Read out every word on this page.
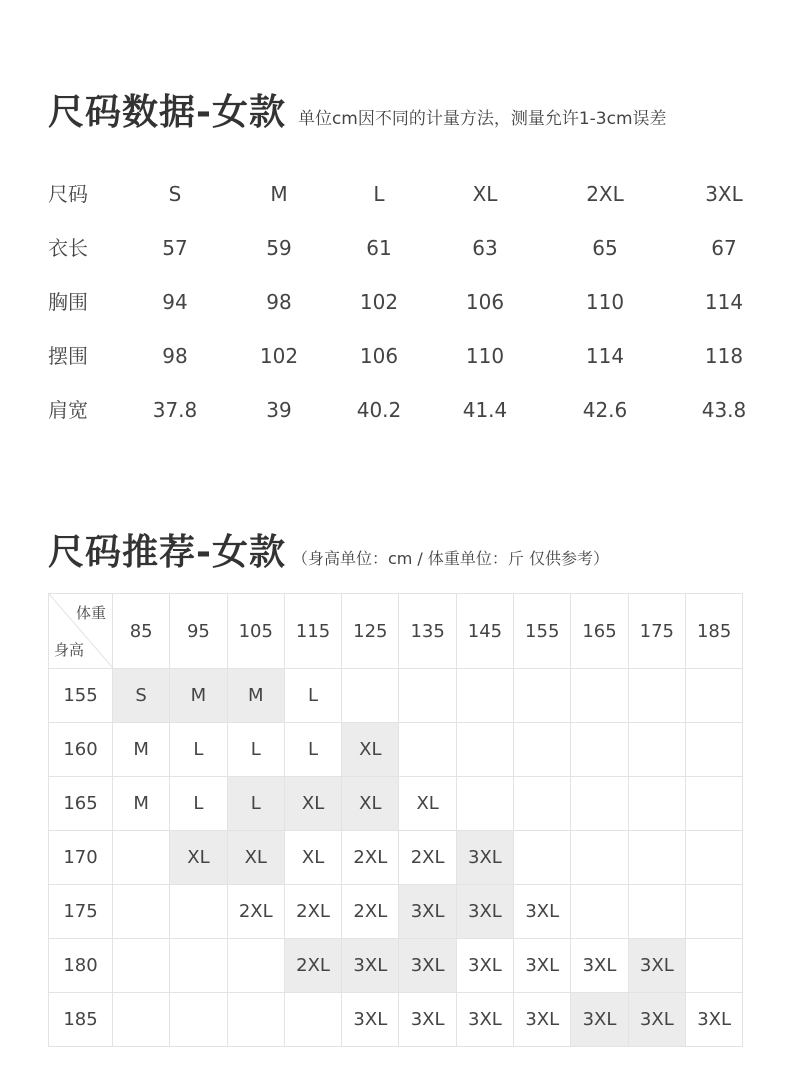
尺码数据-女款 单位cm因不同的计量方法，测量允许1-3cm误差
尺码	S	M	L	XL	2XL	3XL
衣长	57	59	61	63	65	67
胸围	94	98	102	106	110	114
摆围	98	102	106	110	114	118
肩宽	37.8	39	40.2	41.4	42.6	43.8
尺码推荐-女款 （身高单位：cm / 体重单位：斤 仅供参考）
体重
身高	85	95	105	115	125	135	145	155	165	175	185
155	S	M	M	L							
160	M	L	L	L	XL						
165	M	L	L	XL	XL	XL					
170		XL	XL	XL	2XL	2XL	3XL				
175			2XL	2XL	2XL	3XL	3XL	3XL			
180				2XL	3XL	3XL	3XL	3XL	3XL	3XL	
185					3XL	3XL	3XL	3XL	3XL	3XL	3XL
